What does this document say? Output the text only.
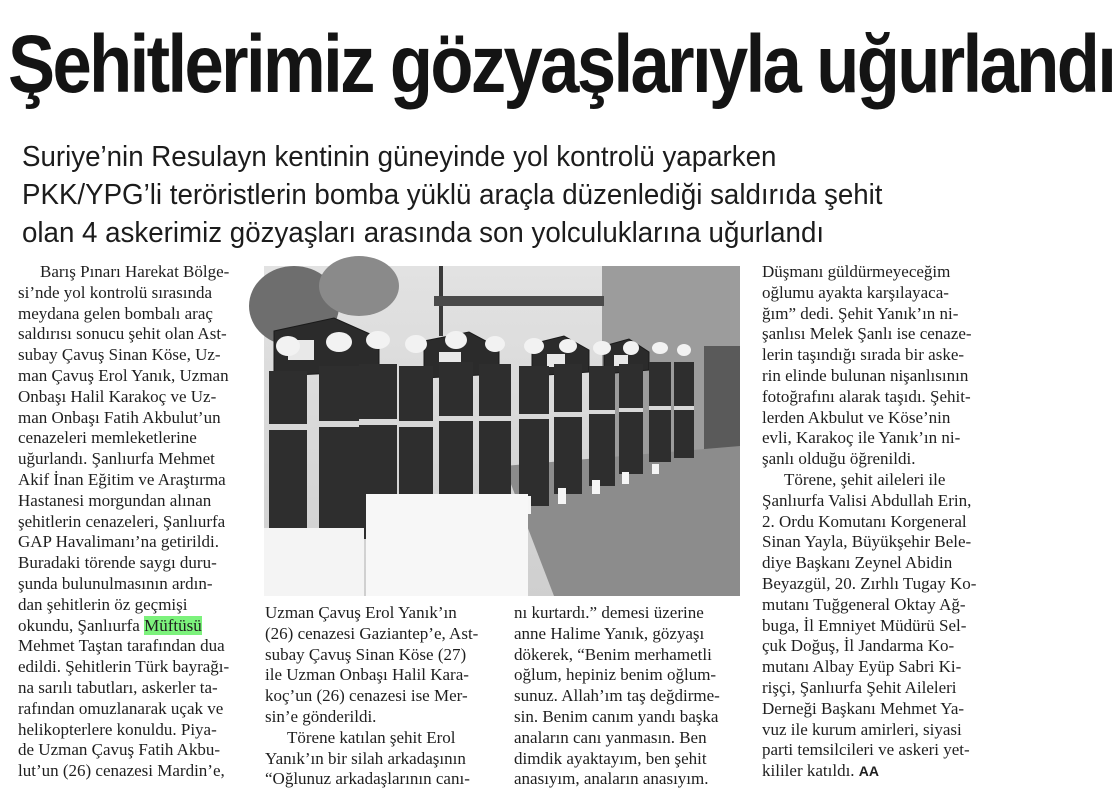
Şehitlerimiz gözyaşlarıyla uğurlandı
Suriye’nin Resulayn kentinin güneyinde yol kontrolü yaparken
PKK/YPG’li teröristlerin bomba yüklü araçla düzenlediği saldırıda şehit
olan 4 askerimiz gözyaşları arasında son yolculuklarına uğurlandı
Barış Pınarı Harekat Bölge-
si’nde yol kontrolü sırasında
meydana gelen bombalı araç
saldırısı sonucu şehit olan Ast-
subay Çavuş Sinan Köse, Uz-
man Çavuş Erol Yanık, Uzman
Onbaşı Halil Karakoç ve Uz-
man Onbaşı Fatih Akbulut’un
cenazeleri memleketlerine
uğurlandı. Şanlıurfa Mehmet
Akif İnan Eğitim ve Araştırma
Hastanesi morgundan alınan
şehitlerin cenazeleri, Şanlıurfa
GAP Havalimanı’na getirildi.
Buradaki törende saygı duru-
şunda bulunulmasının ardın-
dan şehitlerin öz geçmişi
okundu, Şanlıurfa Müftüsü
Mehmet Taştan tarafından dua
edildi. Şehitlerin Türk bayrağı-
na sarılı tabutları, askerler ta-
rafından omuzlanarak uçak ve
helikopterlere konuldu. Piya-
de Uzman Çavuş Fatih Akbu-
lut’un (26) cenazesi Mardin’e,
Uzman Çavuş Erol Yanık’ın
(26) cenazesi Gaziantep’e, Ast-
subay Çavuş Sinan Köse (27)
ile Uzman Onbaşı Halil Kara-
koç’un (26) cenazesi ise Mer-
sin’e gönderildi.
Törene katılan şehit Erol
Yanık’ın bir silah arkadaşının
“Oğlunuz arkadaşlarının canı-
nı kurtardı.” demesi üzerine
anne Halime Yanık, gözyaşı
dökerek, “Benim merhametli
oğlum, hepiniz benim oğlum-
sunuz. Allah’ım taş değdirme-
sin. Benim canım yandı başka
anaların canı yanmasın. Ben
dimdik ayaktayım, ben şehit
anasıyım, anaların anasıyım.
Düşmanı güldürmeyeceğim
oğlumu ayakta karşılayaca-
ğım” dedi. Şehit Yanık’ın ni-
şanlısı Melek Şanlı ise cenaze-
lerin taşındığı sırada bir aske-
rin elinde bulunan nişanlısının
fotoğrafını alarak taşıdı. Şehit-
lerden Akbulut ve Köse’nin
evli, Karakoç ile Yanık’ın ni-
şanlı olduğu öğrenildi.
Törene, şehit aileleri ile
Şanlıurfa Valisi Abdullah Erin,
2. Ordu Komutanı Korgeneral
Sinan Yayla, Büyükşehir Bele-
diye Başkanı Zeynel Abidin
Beyazgül, 20. Zırhlı Tugay Ko-
mutanı Tuğgeneral Oktay Ağ-
buga, İl Emniyet Müdürü Sel-
çuk Doğuş, İl Jandarma Ko-
mutanı Albay Eyüp Sabri Ki-
rişçi, Şanlıurfa Şehit Aileleri
Derneği Başkanı Mehmet Ya-
vuz ile kurum amirleri, siyasi
parti temsilcileri ve askeri yet-
kililer katıldı. AA
